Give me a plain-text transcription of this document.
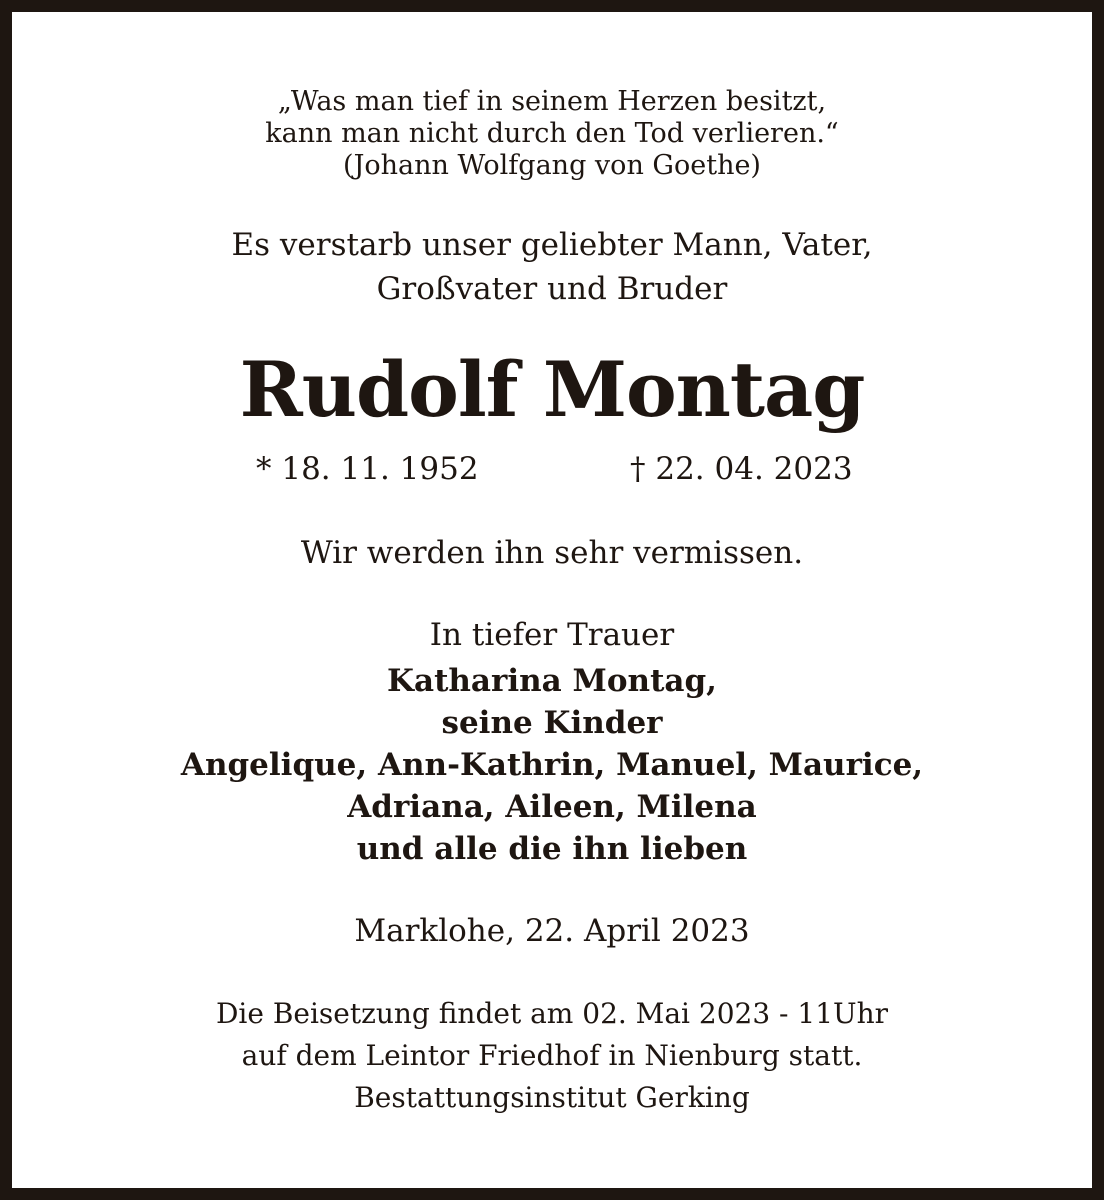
„Was man tief in seinem Herzen besitzt,
kann man nicht durch den Tod verlieren.“
(Johann Wolfgang von Goethe)
Es verstarb unser geliebter Mann, Vater,
Großvater und Bruder
Rudolf Montag
* 18. 11. 1952	† 22. 04. 2023
Wir werden ihn sehr vermissen.
In tiefer Trauer
Katharina Montag,
seine Kinder
Angelique, Ann-Kathrin, Manuel, Maurice,
Adriana, Aileen, Milena
und alle die ihn lieben
Marklohe, 22. April 2023
Die Beisetzung findet am 02. Mai 2023 - 11Uhr
auf dem Leintor Friedhof in Nienburg statt.
Bestattungsinstitut Gerking
